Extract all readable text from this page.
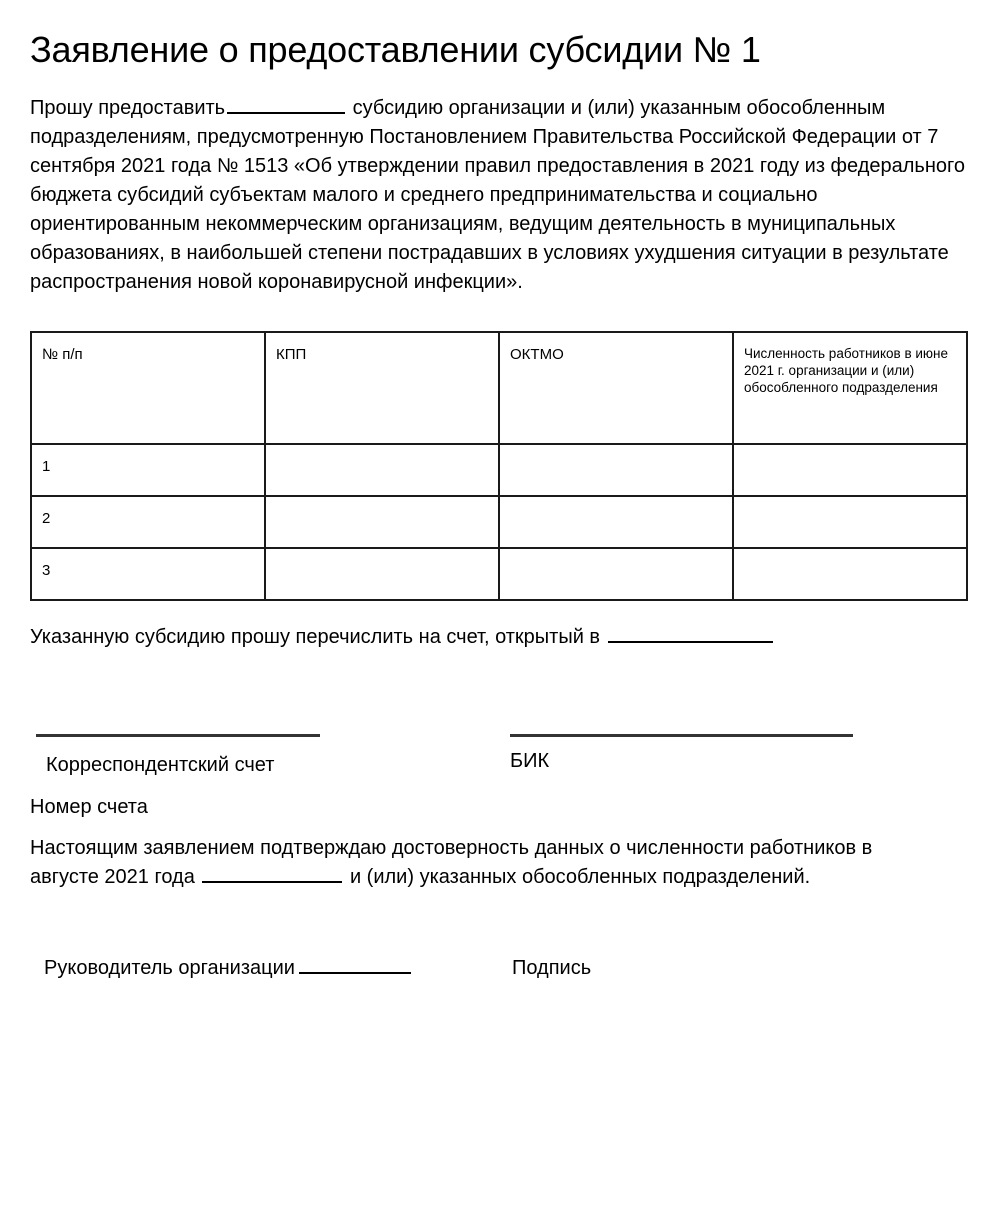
Заявление о предоставлении субсидии № 1

Прошу предоставить	субсидию организации и (или) указанным обособленным подразделениям, предусмотренную Постановлением Правительства Российской Федерации от 7 сентября 2021 года № 1513 «Об утверждении правил предоставления в 2021 году из федерального бюджета субсидий субъектам малого и среднего предпринимательства и социально ориентированным некоммерческим организациям, ведущим деятельность в муниципальных образованиях, в наибольшей степени пострадавших в условиях ухудшения ситуации в результате распространения новой коронавирусной инфекции».

№ п/п	КПП	ОКТМО	Численность работников в июне 2021 г. организации и (или) обособленного подразделения

1			

2			

3			

Указанную субсидию прошу перечислить на счет, открытый в

Корреспондентский счет	БИК
Номер счета

Настоящим заявлением подтверждаю достоверность данных о численности работников в августе 2021 года	и (или) указанных обособленных подразделений.

Руководитель организации	Подпись
